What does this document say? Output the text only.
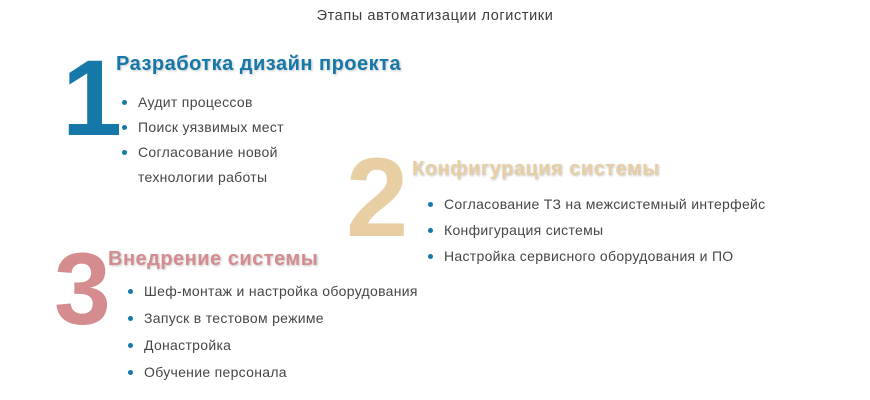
Этапы автоматизации логистики
1
Разработка дизайн проекта
Аудит процессов
Поиск уязвимых мест
Согласование новой технологии работы 2 Конфигурация системы
Согласование ТЗ на межсистемный интерфейс
Конфигурация системы
Настройка сервисного оборудования и ПО
3
Внедрение системы
Шеф-монтаж и настройка оборудования
Запуск в тестовом режиме
Донастройка
Обучение персонала
